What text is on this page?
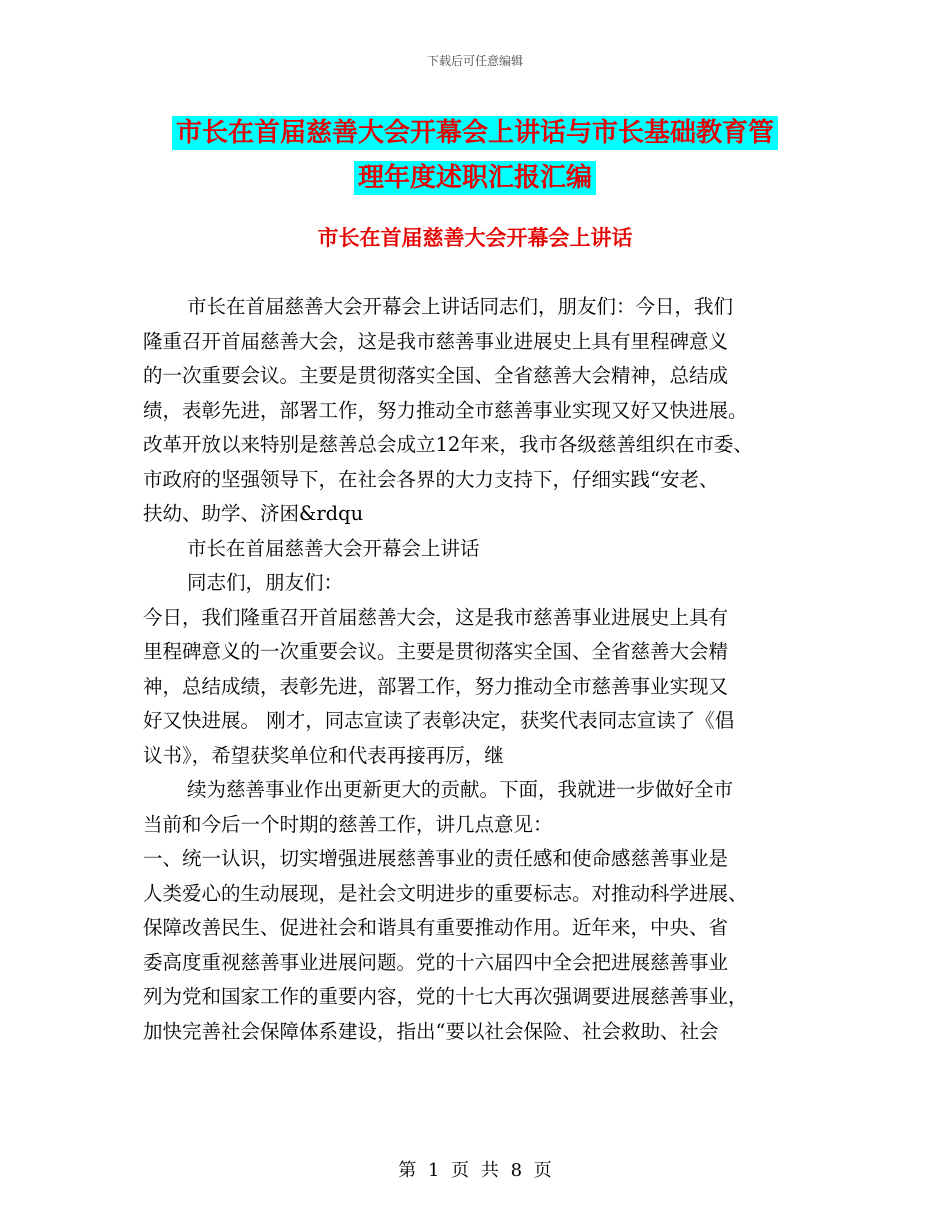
下载后可任意编辑
市长在首届慈善大会开幕会上讲话与市长基础教育管
理年度述职汇报汇编
市长在首届慈善大会开幕会上讲话
市长在首届慈善大会开幕会上讲话同志们，朋友们：今日，我们
隆重召开首届慈善大会，这是我市慈善事业进展史上具有里程碑意义
的一次重要会议。主要是贯彻落实全国、全省慈善大会精神，总结成
绩，表彰先进，部署工作，努力推动全市慈善事业实现又好又快进展。
改革开放以来特别是慈善总会成立12年来，我市各级慈善组织在市委、
市政府的坚强领导下，在社会各界的大力支持下，仔细实践“安老、
扶幼、助学、济困&rdqu
市长在首届慈善大会开幕会上讲话
同志们，朋友们：
今日，我们隆重召开首届慈善大会，这是我市慈善事业进展史上具有
里程碑意义的一次重要会议。主要是贯彻落实全国、全省慈善大会精
神，总结成绩，表彰先进，部署工作，努力推动全市慈善事业实现又
好又快进展。 刚才，同志宣读了表彰决定，获奖代表同志宣读了《倡
议书》，希望获奖单位和代表再接再厉，继
续为慈善事业作出更新更大的贡献。下面，我就进一步做好全市
当前和今后一个时期的慈善工作，讲几点意见：
一、统一认识，切实增强进展慈善事业的责任感和使命感慈善事业是
人类爱心的生动展现，是社会文明进步的重要标志。对推动科学进展、
保障改善民生、促进社会和谐具有重要推动作用。近年来，中央、省
委高度重视慈善事业进展问题。党的十六届四中全会把进展慈善事业
列为党和国家工作的重要内容，党的十七大再次强调要进展慈善事业，
加快完善社会保障体系建设，指出“要以社会保险、社会救助、社会
第 1 页 共 8 页
